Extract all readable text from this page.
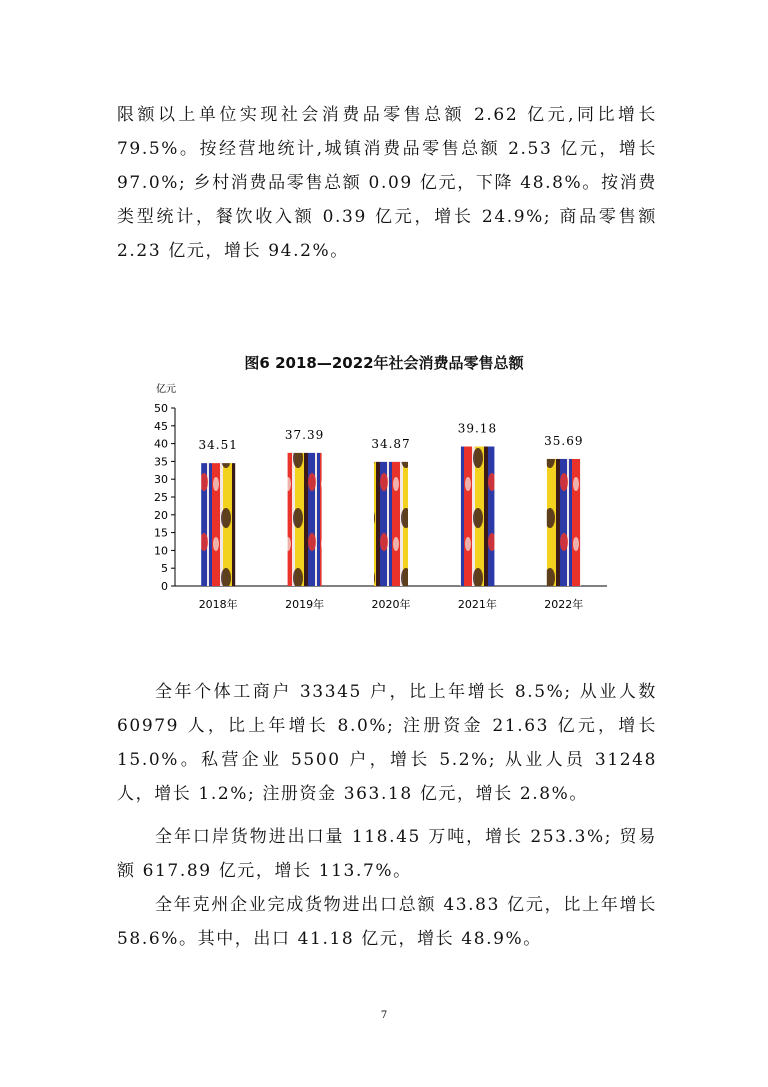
限额以上单位实现社会消费品零售总额 2.62 亿元,同比增长 79.5%。按经营地统计,城镇消费品零售总额 2.53 亿元，增长 97.0%; 乡村消费品零售总额 0.09 亿元，下降 48.8%。按消费类型统计，餐饮收入额 0.39 亿元，增长 24.9%; 商品零售额 2.23 亿元，增长 94.2%。

图6 2018—2022年社会消费品零售总额
亿元
0
5
10
15
20
25
30
35
40
45
50
34.51
2018年
37.39
2019年
34.87
2020年
39.18
2021年
35.69
2022年

全年个体工商户 33345 户，比上年增长 8.5%; 从业人数 60979 人，比上年增长 8.0%; 注册资金 21.63 亿元，增长 15.0%。私营企业 5500 户，增长 5.2%; 从业人员 31248 人，增长 1.2%; 注册资金 363.18 亿元，增长 2.8%。

全年口岸货物进出口量 118.45 万吨，增长 253.3%; 贸易额 617.89 亿元，增长 113.7%。

全年克州企业完成货物进出口总额 43.83 亿元，比上年增长 58.6%。其中，出口 41.18 亿元，增长 48.9%。

7
